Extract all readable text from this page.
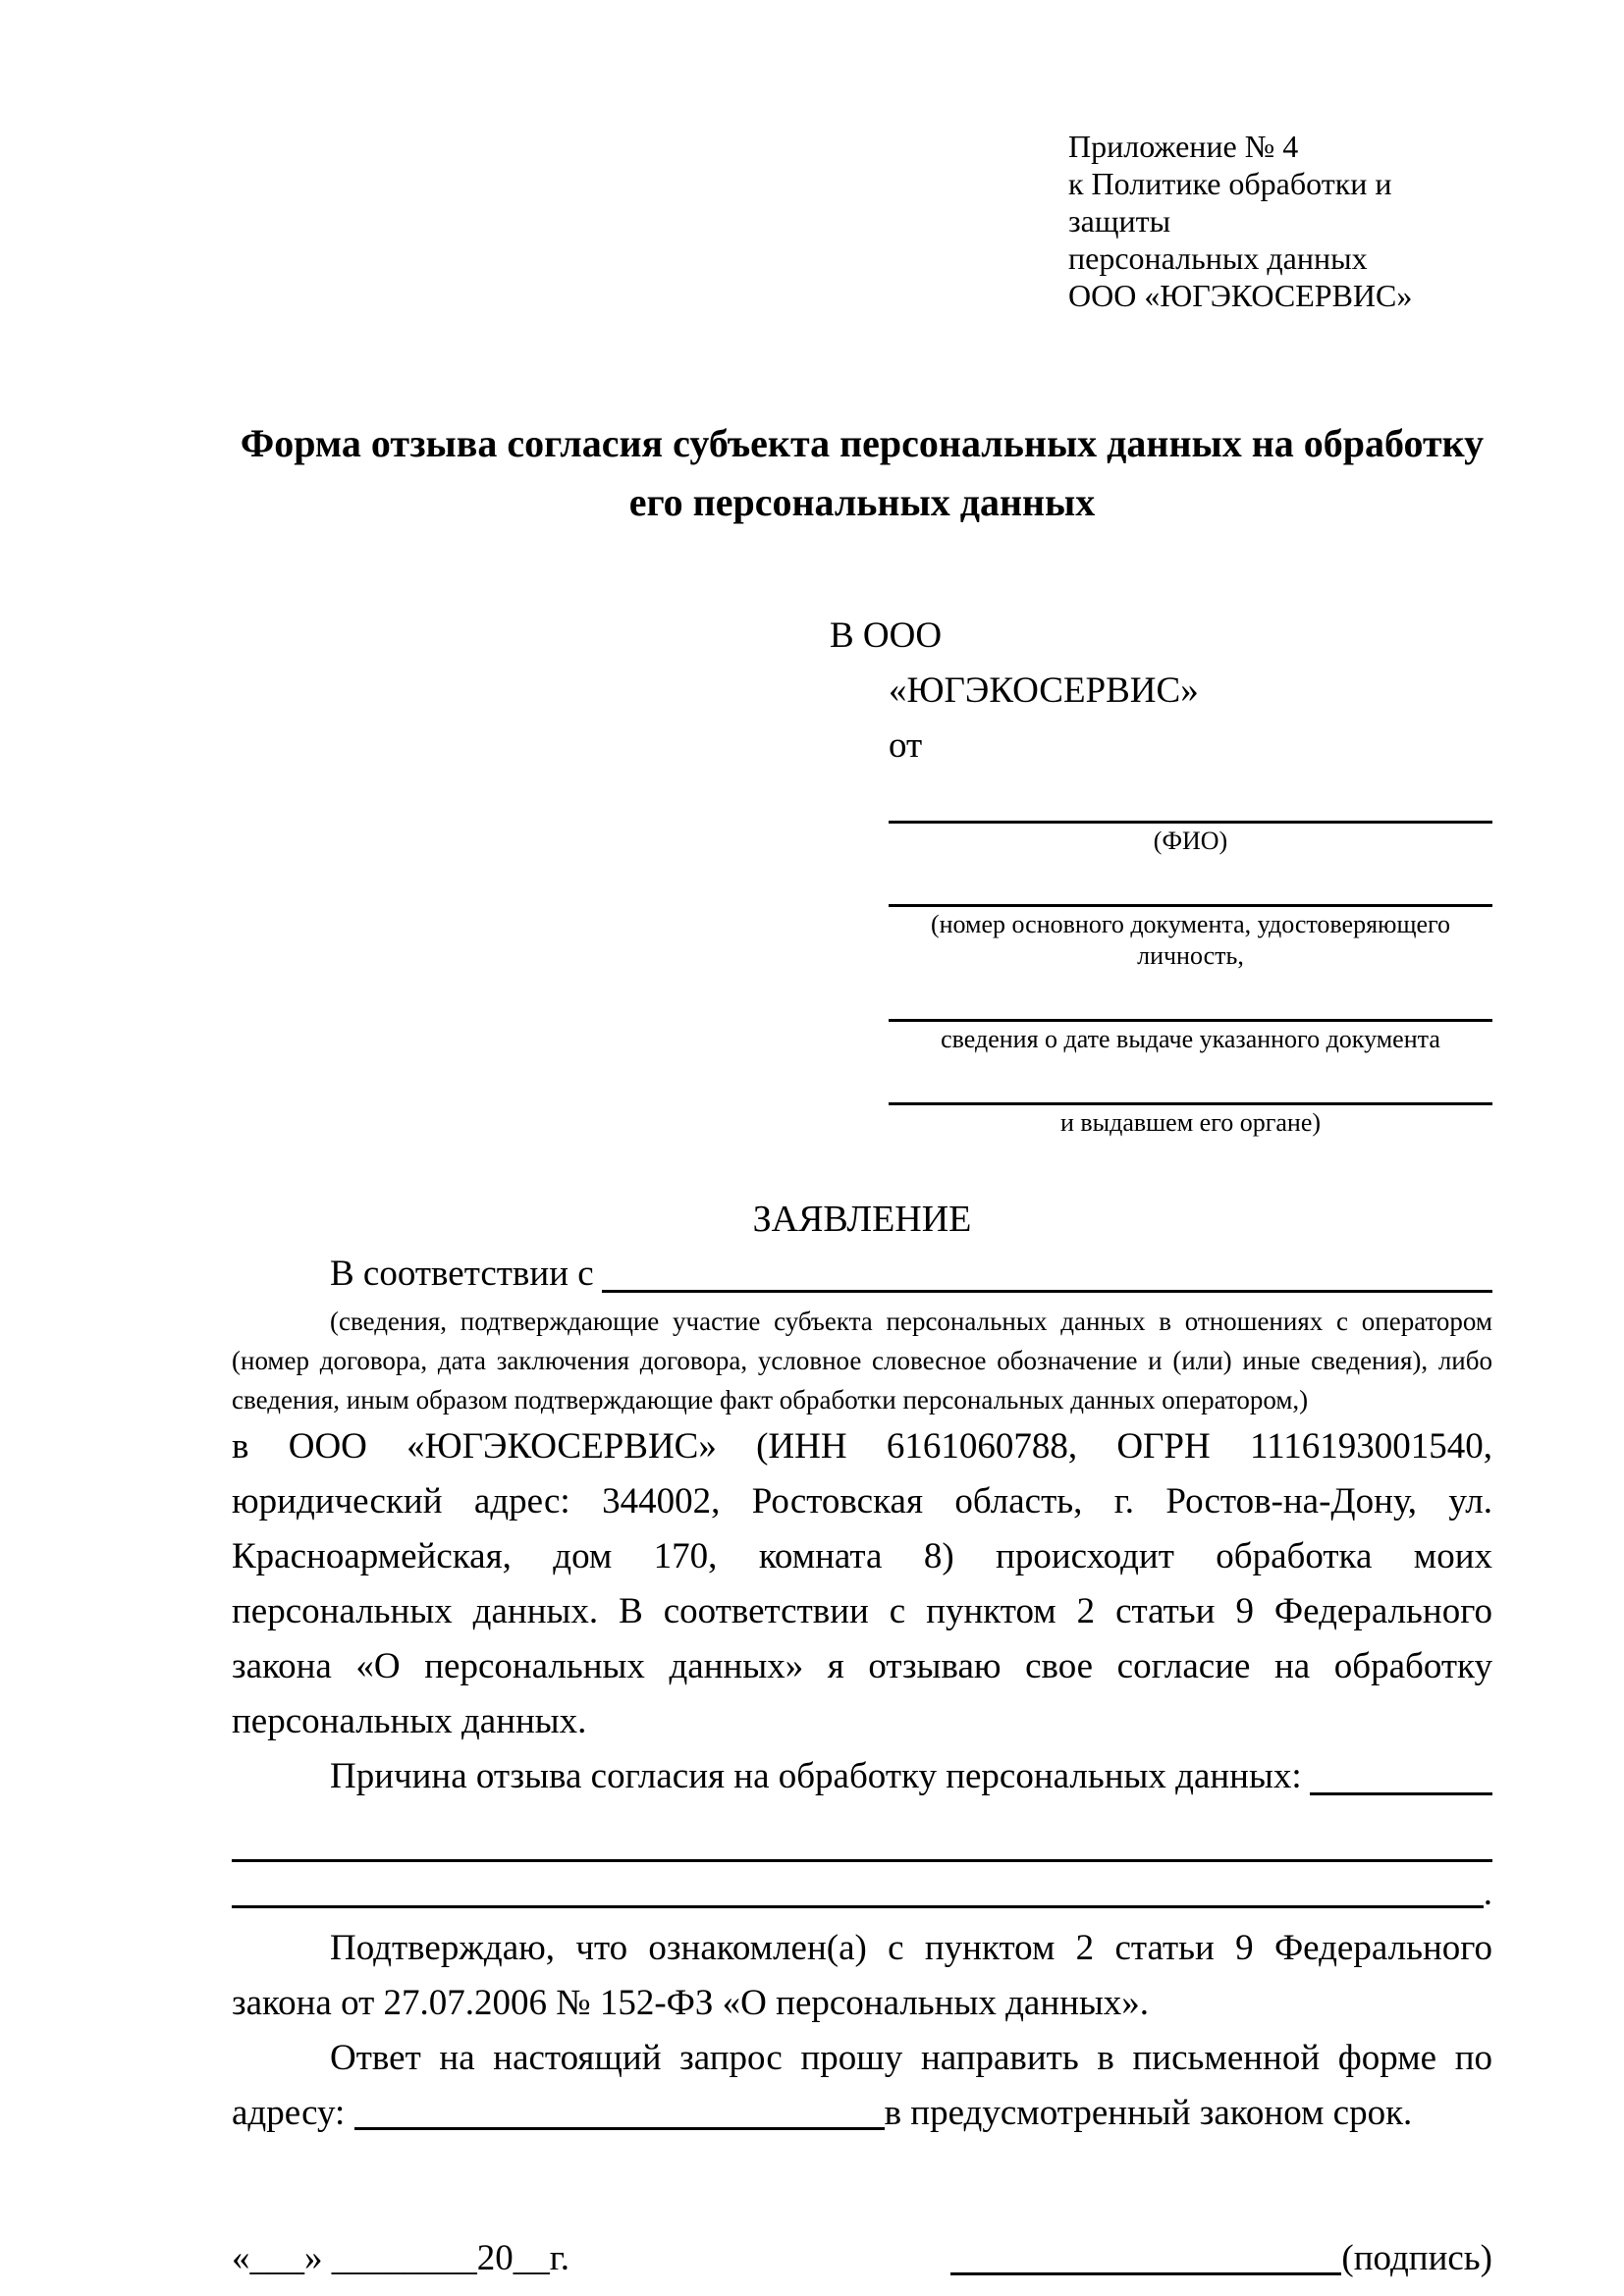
Приложение № 4
к Политике обработки и защиты
персональных данных
ООО «ЮГЭКОСЕРВИС»
Форма отзыва согласия субъекта персональных данных на обработку
его персональных данных
В ООО
«ЮГЭКОСЕРВИС»
от
(ФИО)
(номер основного документа, удостоверяющего личность,
сведения о дате выдаче указанного документа
и выдавшем его органе)
ЗАЯВЛЕНИЕ
В соответствии с
(сведения, подтверждающие участие субъекта персональных данных в отношениях с оператором (номер договора, дата заключения договора, условное словесное обозначение и (или) иные сведения), либо сведения, иным образом подтверждающие факт обработки персональных данных оператором,)
в ООО «ЮГЭКОСЕРВИС» (ИНН 6161060788, ОГРН 1116193001540, юридический адрес: 344002, Ростовская область, г. Ростов-на-Дону, ул. Красноармейская, дом 170, комната 8) происходит обработка моих персональных данных. В соответствии с пунктом 2 статьи 9 Федерального закона «О персональных данных» я отзываю свое согласие на обработку персональных данных.
Причина отзыва согласия на обработку персональных данных:
.
Подтверждаю, что ознакомлен(а) с пунктом 2 статьи 9 Федерального закона от 27.07.2006 № 152-ФЗ «О персональных данных».
Ответ на настоящий запрос прошу направить в письменной форме по адресу:	в предусмотренный законом срок.
«___» ________20__г.	(подпись)
